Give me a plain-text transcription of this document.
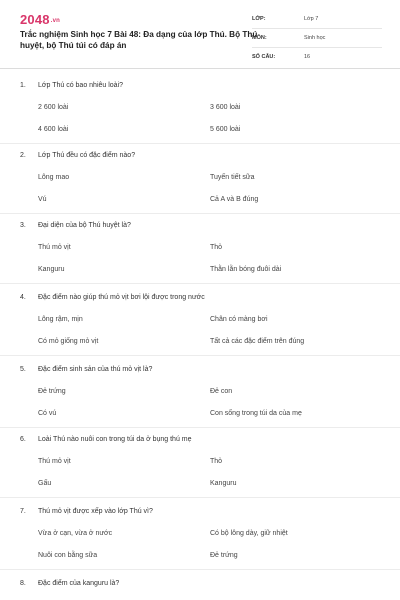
2048.vn
Trắc nghiệm Sinh học 7 Bài 48: Đa dạng của lớp Thú. Bộ Thú huyệt, bộ Thú túi có đáp án
LỚP:	Lớp 7
MÔN:	Sinh học
SỐ CÂU:	16
1. Lớp Thú có bao nhiêu loài?
2 600 loài	3 600 loài
4 600 loài	5 600 loài
2. Lớp Thú đều có đặc điểm nào?
Lông mao	Tuyến tiết sữa
Vú	Cả A và B đúng
3. Đại diện của bộ Thú huyệt là?
Thú mỏ vịt	Thỏ
Kanguru	Thằn lằn bóng đuôi dài
4. Đặc điểm nào giúp thú mỏ vịt bơi lội được trong nước
Lông rậm, mịn	Chân có màng bơi
Có mỏ giống mỏ vịt	Tất cả các đặc điểm trên đúng
5. Đặc điểm sinh sản của thú mỏ vịt là?
Đẻ trứng	Đẻ con
Có vú	Con sống trong túi da của mẹ
6. Loài Thú nào nuôi con trong túi da ở bụng thú mẹ
Thú mỏ vịt	Thỏ
Gấu	Kanguru
7. Thú mỏ vịt được xếp vào lớp Thú vì?
Vừa ở cạn, vừa ở nước	Có bộ lông dày, giữ nhiệt
Nuôi con bằng sữa	Đẻ trứng
8. Đặc điểm của kanguru là?
